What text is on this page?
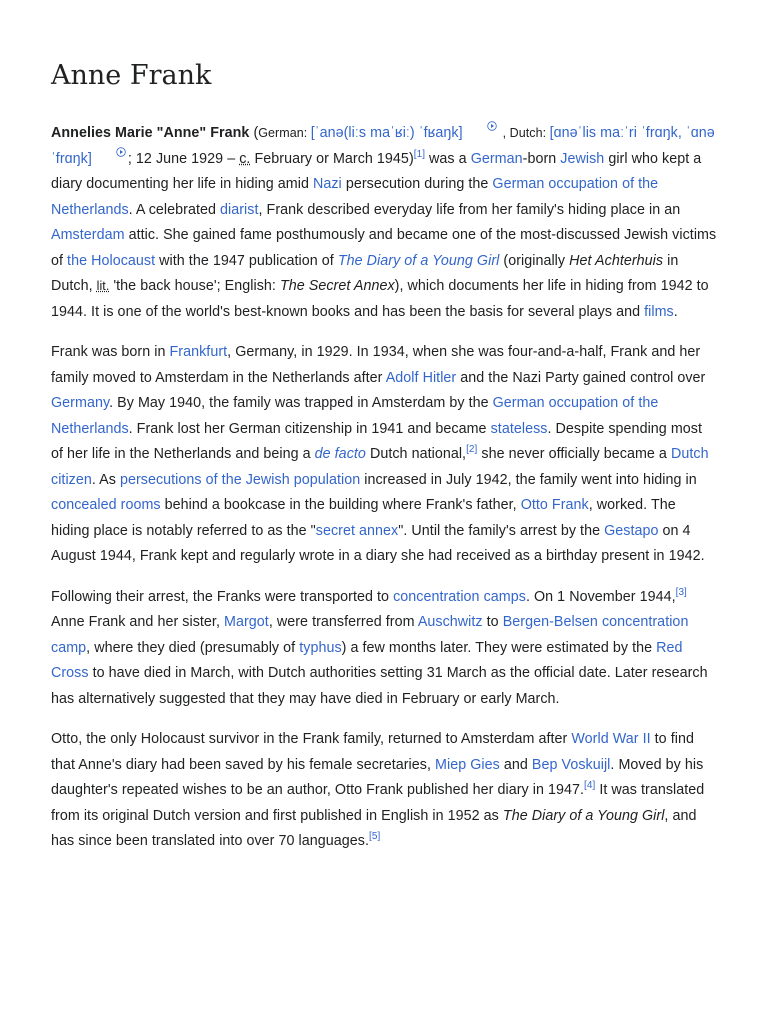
Anne Frank

Annelies Marie "Anne" Frank (German: [ˈanə(liːs maˈʁiː) ˈfʁaŋk]	, Dutch: [ɑnəˈlis maːˈri ˈfrɑŋk, ˈɑnə ˈfrɑŋk]	; 12 June 1929 – c. February or March 1945)[1] was a German-born Jewish girl who kept a diary documenting her life in hiding amid Nazi persecution during the German occupation of the Netherlands. A celebrated diarist, Frank described everyday life from her family's hiding place in an Amsterdam attic. She gained fame posthumously and became one of the most-discussed Jewish victims of the Holocaust with the 1947 publication of The Diary of a Young Girl (originally Het Achterhuis in Dutch, lit. 'the back house'; English: The Secret Annex), which documents her life in hiding from 1942 to 1944. It is one of the world's best-known books and has been the basis for several plays and films.

Frank was born in Frankfurt, Germany, in 1929. In 1934, when she was four-and-a-half, Frank and her family moved to Amsterdam in the Netherlands after Adolf Hitler and the Nazi Party gained control over Germany. By May 1940, the family was trapped in Amsterdam by the German occupation of the Netherlands. Frank lost her German citizenship in 1941 and became stateless. Despite spending most of her life in the Netherlands and being a de facto Dutch national,[2] she never officially became a Dutch citizen. As persecutions of the Jewish population increased in July 1942, the family went into hiding in concealed rooms behind a bookcase in the building where Frank's father, Otto Frank, worked. The hiding place is notably referred to as the "secret annex". Until the family's arrest by the Gestapo on 4 August 1944, Frank kept and regularly wrote in a diary she had received as a birthday present in 1942.

Following their arrest, the Franks were transported to concentration camps. On 1 November 1944,[3] Anne Frank and her sister, Margot, were transferred from Auschwitz to Bergen-Belsen concentration camp, where they died (presumably of typhus) a few months later. They were estimated by the Red Cross to have died in March, with Dutch authorities setting 31 March as the official date. Later research has alternatively suggested that they may have died in February or early March.

Otto, the only Holocaust survivor in the Frank family, returned to Amsterdam after World War II to find that Anne's diary had been saved by his female secretaries, Miep Gies and Bep Voskuijl. Moved by his daughter's repeated wishes to be an author, Otto Frank published her diary in 1947.[4] It was translated from its original Dutch version and first published in English in 1952 as The Diary of a Young Girl, and has since been translated into over 70 languages.[5]
